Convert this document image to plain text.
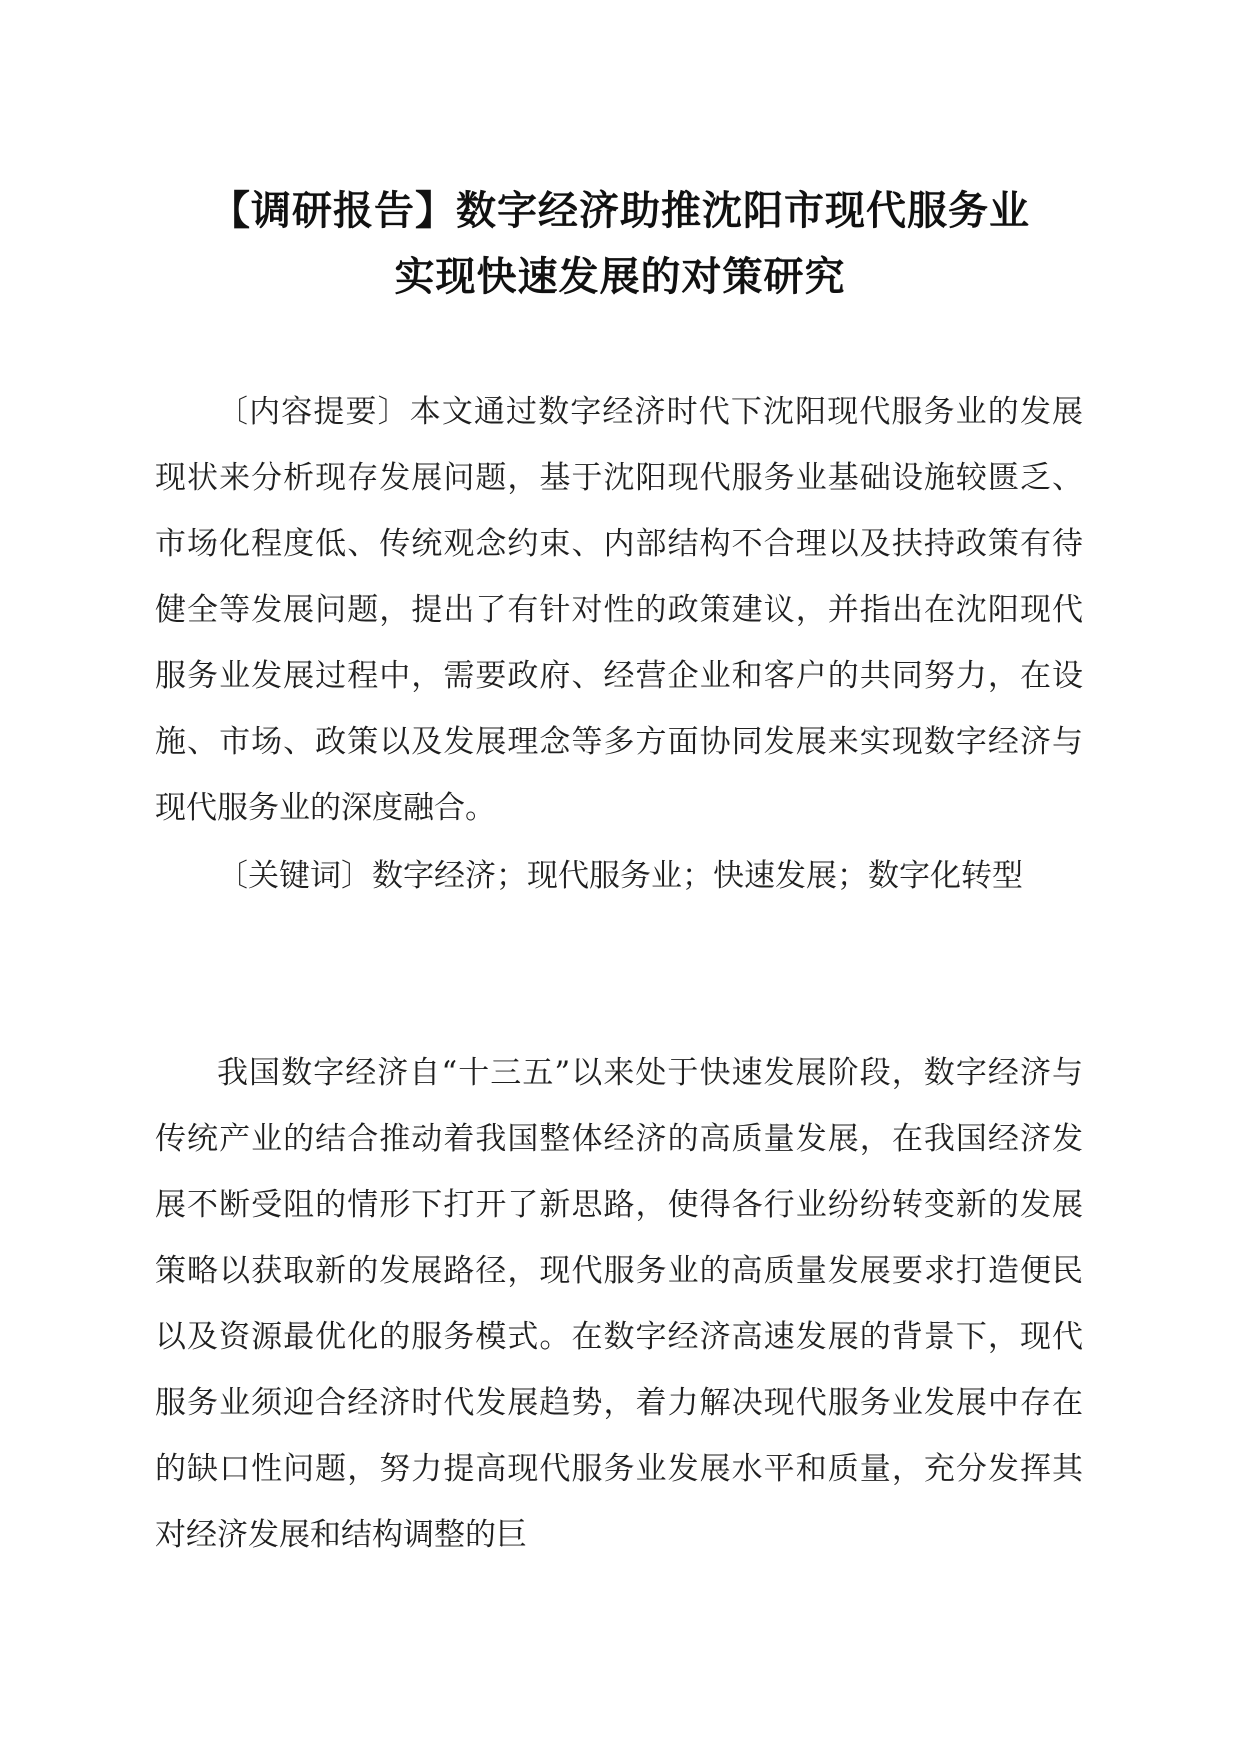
【调研报告】数字经济助推沈阳市现代服务业
实现快速发展的对策研究

〔内容提要〕本文通过数字经济时代下沈阳现代服务业的发展现状来分析现存发展问题，基于沈阳现代服务业基础设施较匮乏、市场化程度低、传统观念约束、内部结构不合理以及扶持政策有待健全等发展问题，提出了有针对性的政策建议，并指出在沈阳现代服务业发展过程中，需要政府、经营企业和客户的共同努力，在设施、市场、政策以及发展理念等多方面协同发展来实现数字经济与现代服务业的深度融合。

〔关键词〕数字经济；现代服务业；快速发展；数字化转型

我国数字经济自“十三五”以来处于快速发展阶段，数字经济与传统产业的结合推动着我国整体经济的高质量发展，在我国经济发展不断受阻的情形下打开了新思路，使得各行业纷纷转变新的发展策略以获取新的发展路径，现代服务业的高质量发展要求打造便民以及资源最优化的服务模式。在数字经济高速发展的背景下，现代服务业须迎合经济时代发展趋势，着力解决现代服务业发展中存在的缺口性问题，努力提高现代服务业发展水平和质量，充分发挥其对经济发展和结构调整的巨
